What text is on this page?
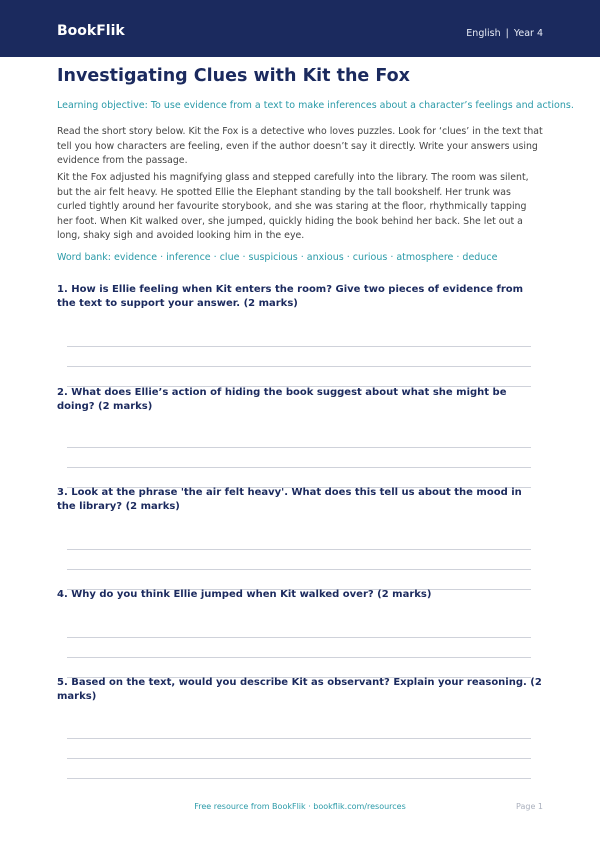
BookFlik	English | Year 4
Investigating Clues with Kit the Fox
Learning objective: To use evidence from a text to make inferences about a character’s feelings and actions.

Read the short story below. Kit the Fox is a detective who loves puzzles. Look for ‘clues’ in the text that tell you how characters are feeling, even if the author doesn’t say it directly. Write your answers using evidence from the passage.

Kit the Fox adjusted his magnifying glass and stepped carefully into the library. The room was silent, but the air felt heavy. He spotted Ellie the Elephant standing by the tall bookshelf. Her trunk was curled tightly around her favourite storybook, and she was staring at the floor, rhythmically tapping her foot. When Kit walked over, she jumped, quickly hiding the book behind her back. She let out a long, shaky sigh and avoided looking him in the eye.

Word bank: evidence · inference · clue · suspicious · anxious · curious · atmosphere · deduce

1. How is Ellie feeling when Kit enters the room? Give two pieces of evidence from the text to support your answer. (2 marks)

2. What does Ellie’s action of hiding the book suggest about what she might be doing? (2 marks)

3. Look at the phrase 'the air felt heavy'. What does this tell us about the mood in the library? (2 marks)

4. Why do you think Ellie jumped when Kit walked over? (2 marks)

5. Based on the text, would you describe Kit as observant? Explain your reasoning. (2 marks)

Free resource from BookFlik · bookflik.com/resources	Page 1
